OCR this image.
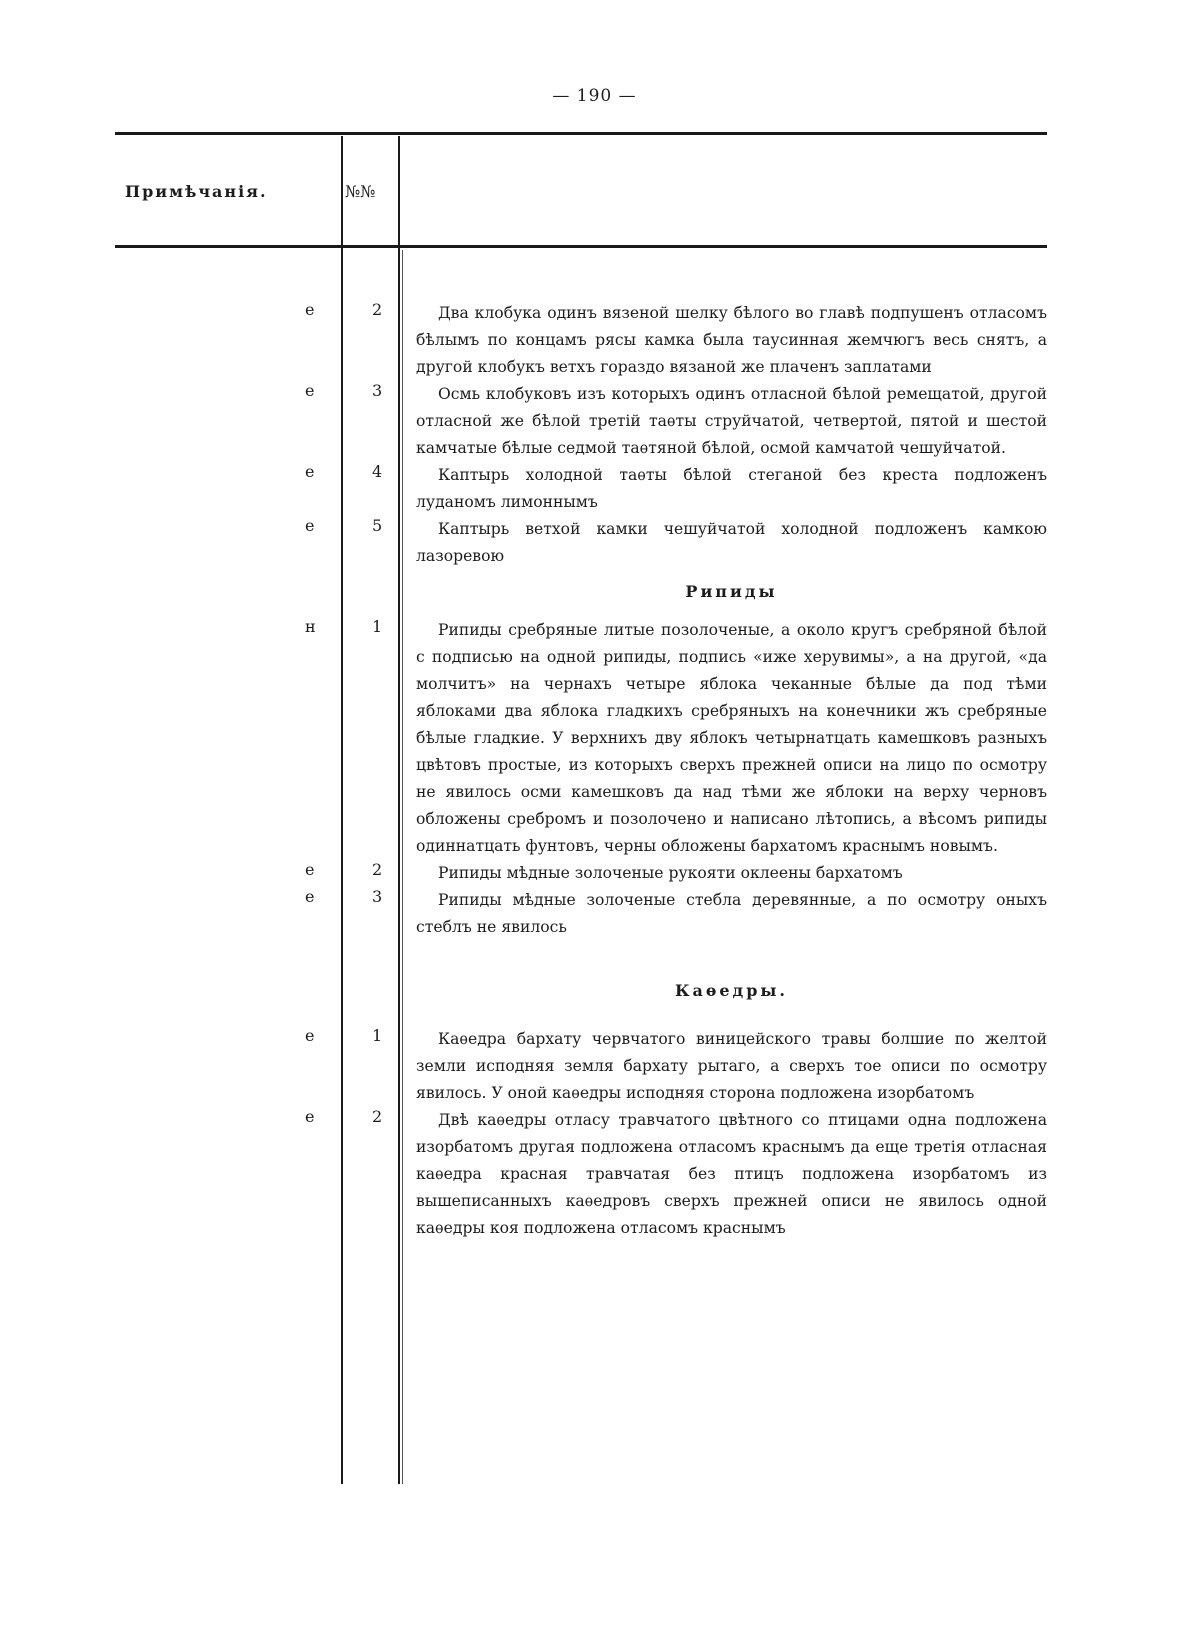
— 190 —
Примѣчанія.	№№
е	2	Два клобука одинъ вязеной шелку бѣлого во главѣ подпушенъ отласомъ бѣлымъ по концамъ рясы камка была таусинная жемчюгъ весь снятъ, а другой клобукъ ветхъ гораздо вязаной же плаченъ заплатами
е	3	Осмь клобуковъ изъ которыхъ одинъ отласной бѣлой ремещатой, другой отласной же бѣлой третій таѳты струйчатой, четвертой, пятой и шестой камчатые бѣлые седмой таѳтяной бѣлой, осмой камчатой чешуйчатой.
е	4	Каптырь холодной таѳты бѣлой стеганой без креста подложенъ луданомъ лимоннымъ
е	5	Каптырь ветхой камки чешуйчатой холодной подложенъ камкою лазоревою
Рипиды
н	1	Рипиды сребряные литые позолоченые, а около кругъ сребряной бѣлой с подписью на одной рипиды, подпись «иже херувимы», а на другой, «да молчитъ» на чернахъ четыре яблока чеканные бѣлые да под тѣми яблоками два яблока гладкихъ сребряныхъ на конечники жъ сребряные бѣлые гладкие. У верхнихъ дву яблокъ четырнатцать камешковъ разныхъ цвѣтовъ простые, из которыхъ сверхъ прежней описи на лицо по осмотру не явилось осми камешковъ да над тѣми же яблоки на верху черновъ обложены сребромъ и позолочено и написано лѣтопись, а вѣсомъ рипиды одиннатцать фунтовъ, черны обложены бархатомъ краснымъ новымъ.
е	2	Рипиды мѣдные золоченые рукояти оклеены бархатомъ
е	3	Рипиды мѣдные золоченые стебла деревянные, а по осмотру оныхъ стеблъ не явилось
Каѳедры.
е	1	Каѳедра бархату червчатого виницейского травы болшие по желтой земли исподняя земля бархату рытаго, а сверхъ тое описи по осмотру явилось. У оной каѳедры исподняя сторона подложена изорбатомъ
е	2	Двѣ каѳедры отласу травчатого цвѣтного со птицами одна подложена изорбатомъ другая подложена отласомъ краснымъ да еще третія отласная каѳедра красная травчатая без птицъ подложена изорбатомъ из вышеписанныхъ каѳедровъ сверхъ прежней описи не явилось одной каѳедры коя подложена отласомъ краснымъ
